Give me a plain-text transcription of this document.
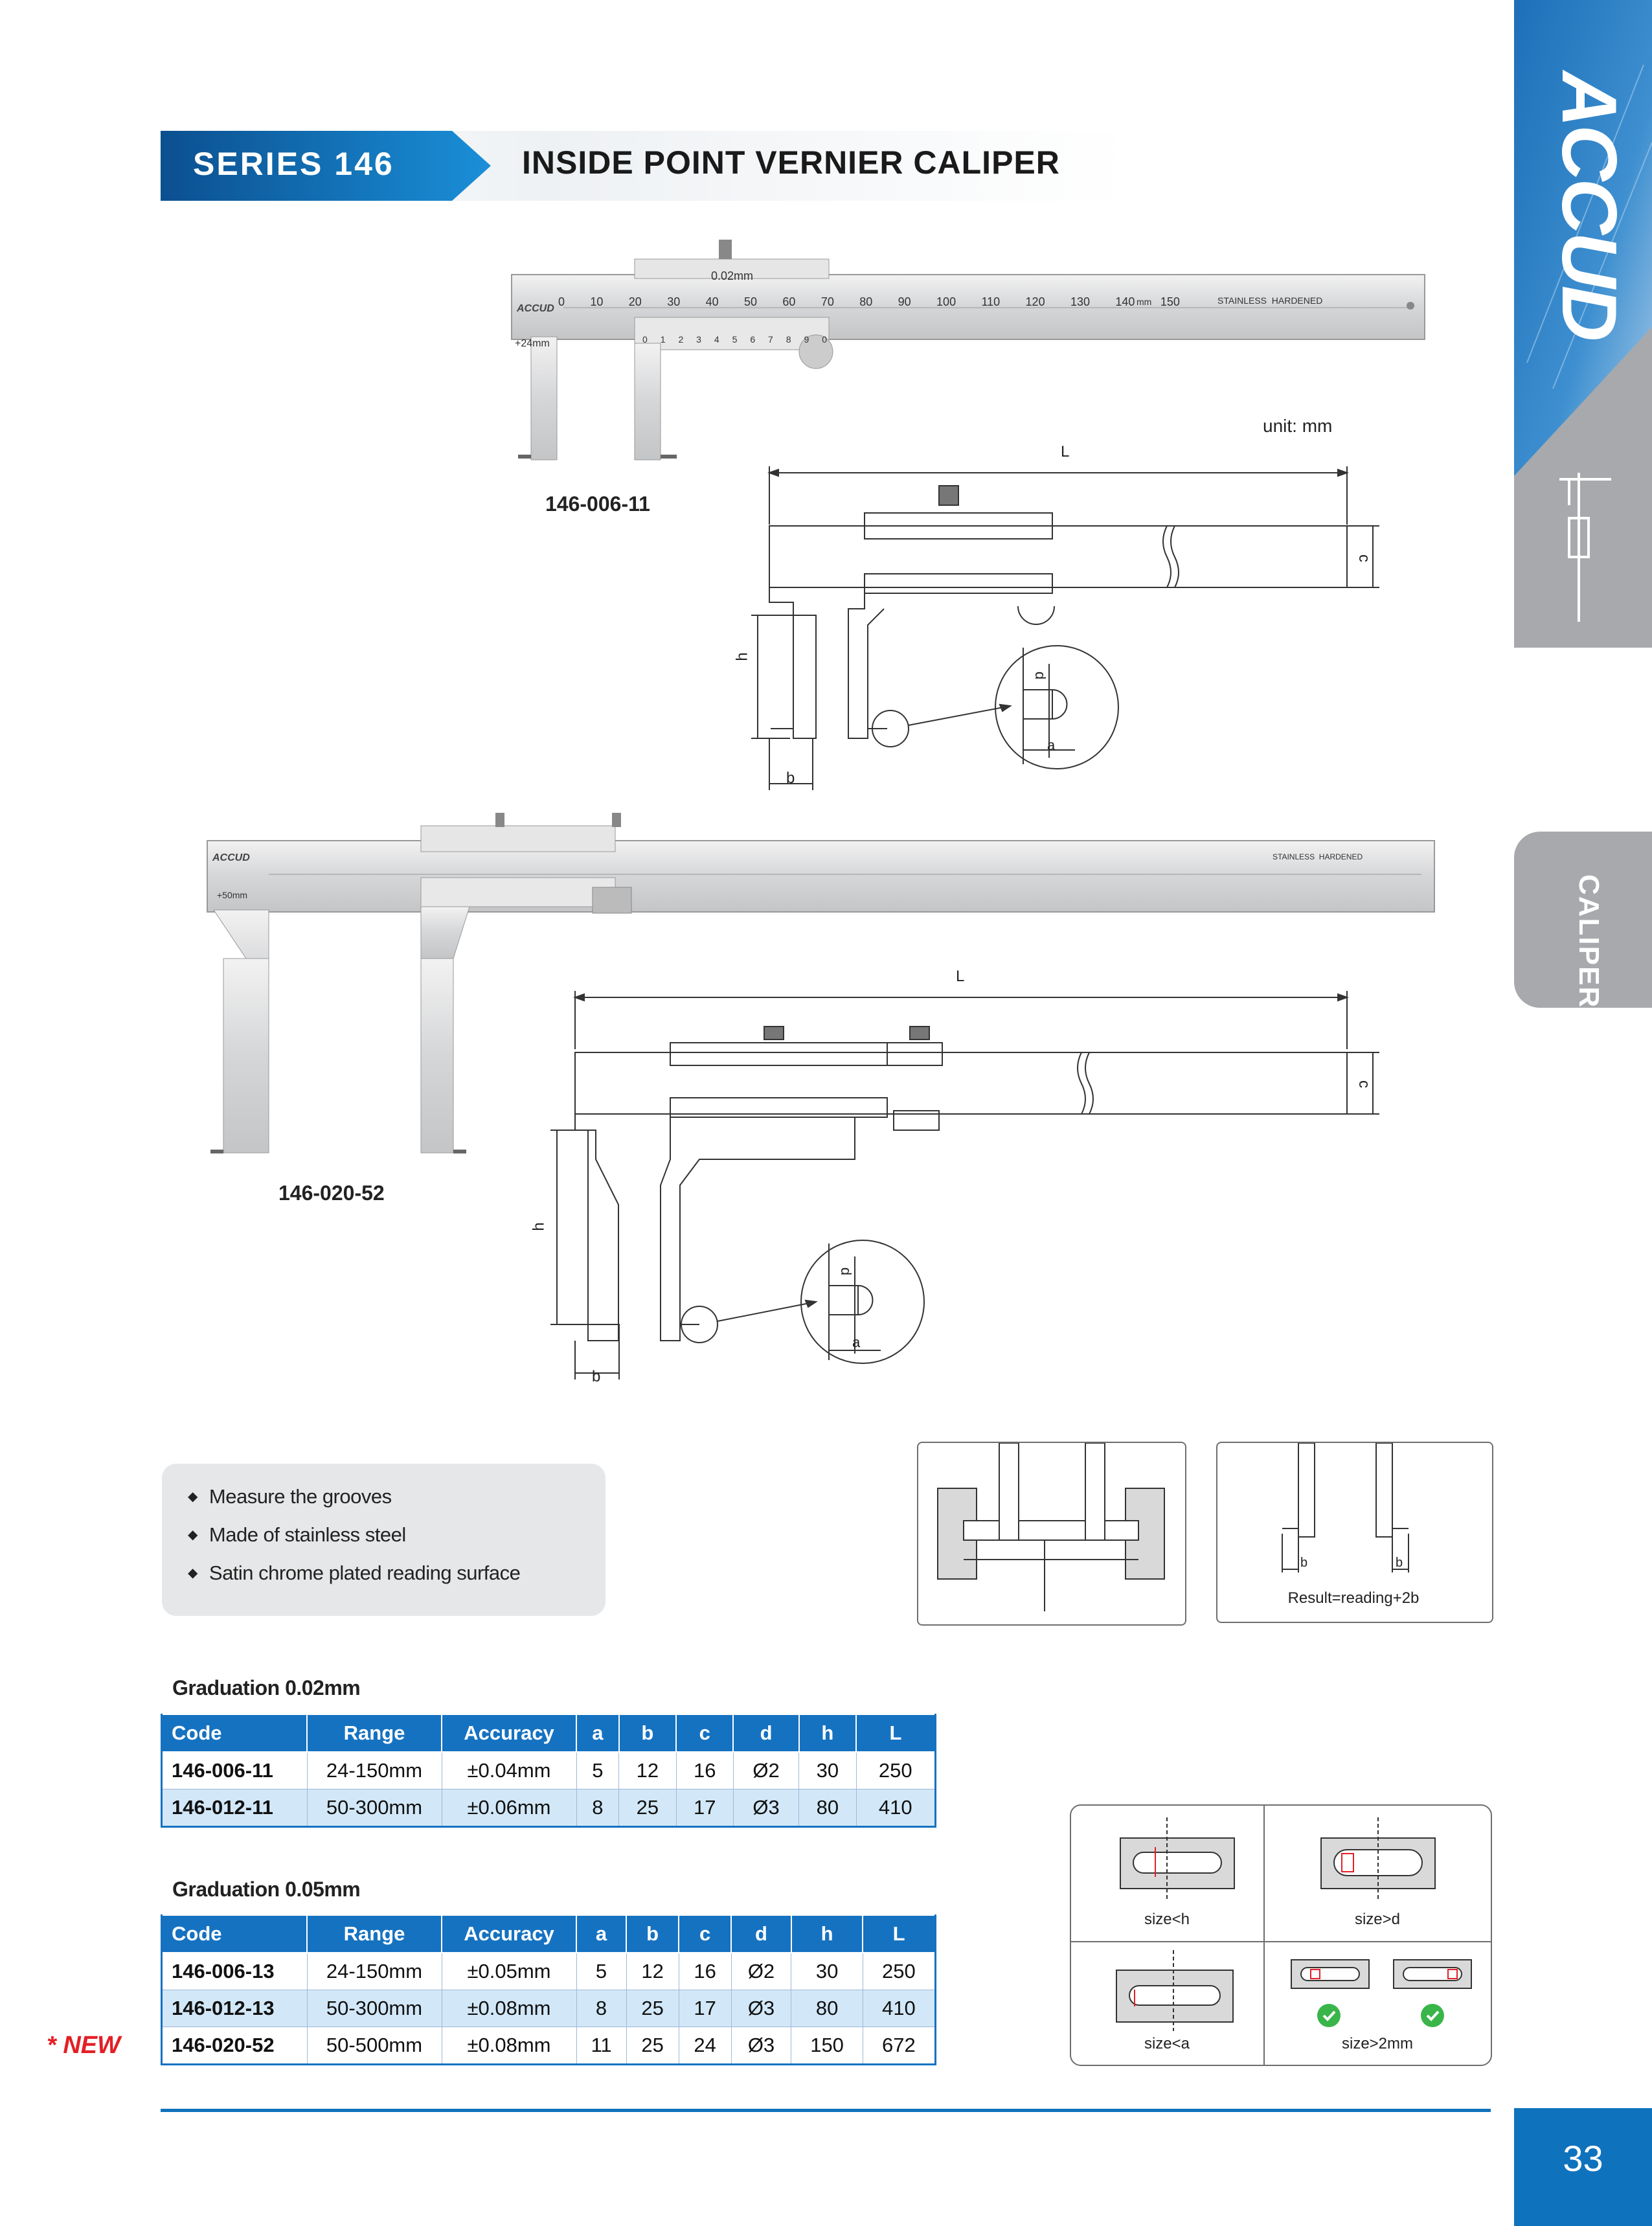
SERIES 146	INSIDE POINT VERNIER CALIPER	ACCUD
CALIPER
0.02mm
ACCUD
0 10 20 30 40 50 60 70 80 90 100 110 120 130 140 150
mm	STAINLESS  HARDENED
+24mm	0 1 2 3 4 5 6 7 8 9 0
146-006-11
unit: mm
L
c
h
b
d
a
ACCUD
+50mm
STAINLESS  HARDENED
146-020-52
L
c
h
b
d
a
◆ Measure the grooves
◆ Made of stainless steel
◆ Satin chrome plated reading surface	b	b
Result=reading+2b
Graduation 0.02mm
Code	Range	Accuracy	a	b	c	d	h	L
146-006-11	24-150mm	±0.04mm	5	12	16	Ø2	30	250
146-012-11	50-300mm	±0.06mm	8	25	17	Ø3	80	410
Graduation 0.05mm
Code	Range	Accuracy	a	b	c	d	h	L
146-006-13	24-150mm	±0.05mm	5	12	16	Ø2	30	250
146-012-13	50-300mm	±0.08mm	8	25	17	Ø3	80	410
146-020-52	50-500mm	±0.08mm	11	25	24	Ø3	150	672
* NEW
size<h	size>d
size<a	size>2mm
33
